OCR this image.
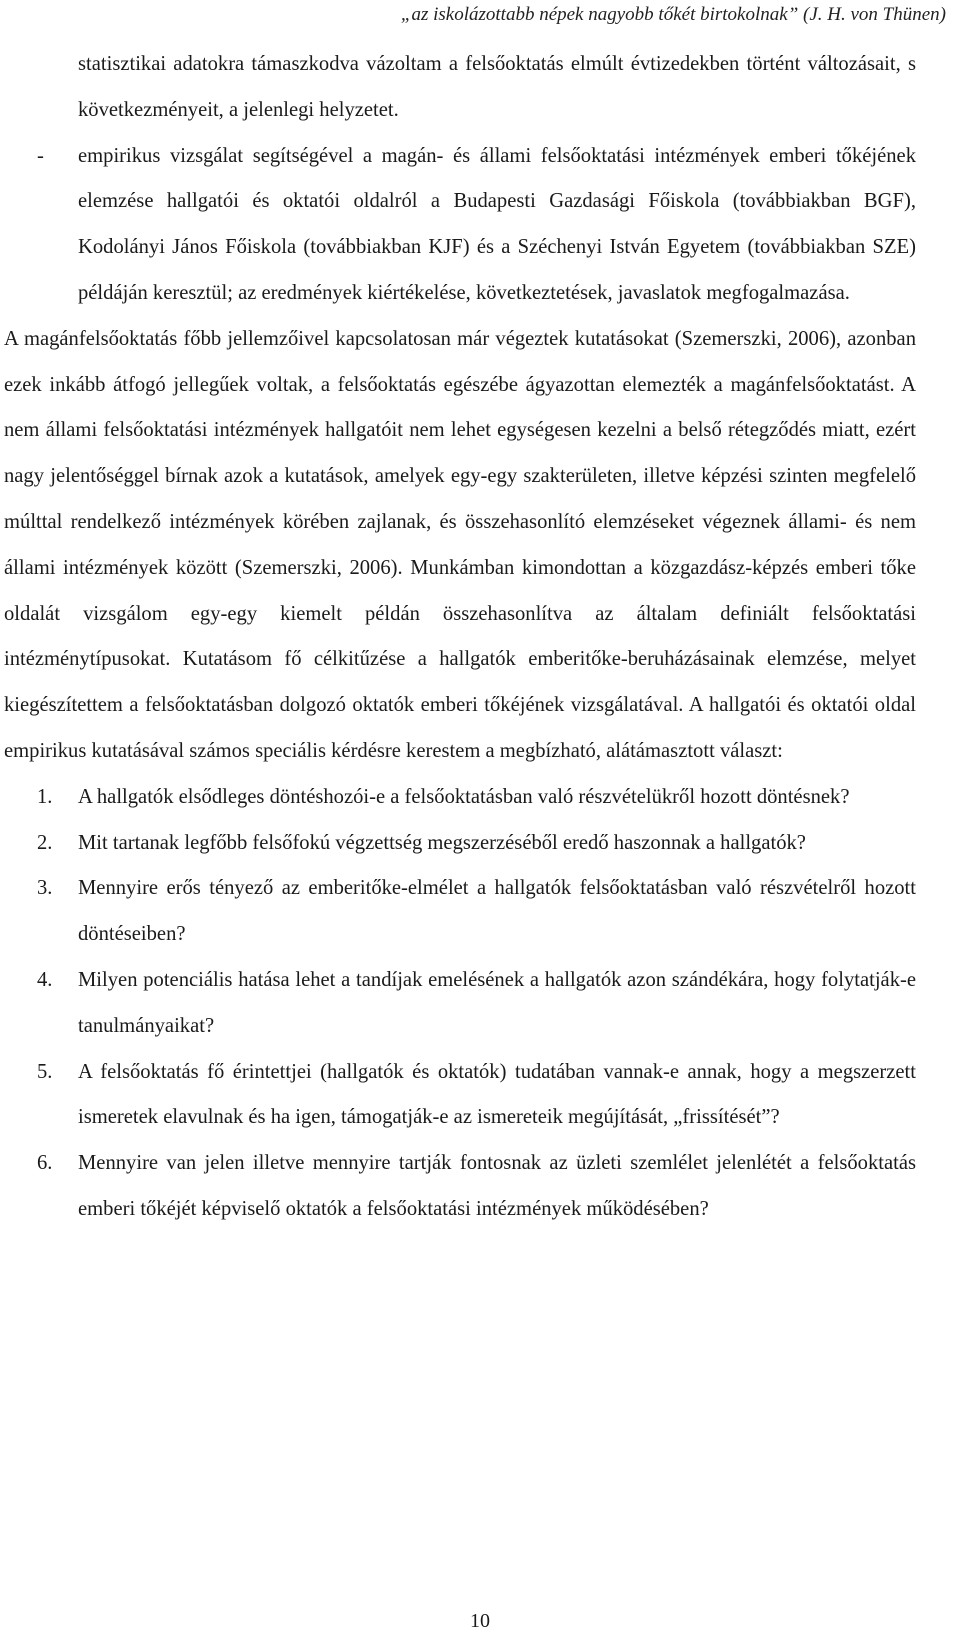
„az iskolázottabb népek nagyobb tőkét birtokolnak” (J. H. von Thünen)

statisztikai adatokra támaszkodva vázoltam a felsőoktatás elmúlt évtizedekben történt változásait, s következményeit, a jelenlegi helyzetet.

- empirikus vizsgálat segítségével a magán- és állami felsőoktatási intézmények emberi tőkéjének elemzése hallgatói és oktatói oldalról a Budapesti Gazdasági Főiskola (továbbiakban BGF), Kodolányi János Főiskola (továbbiakban KJF) és a Széchenyi István Egyetem (továbbiakban SZE) példáján keresztül; az eredmények kiértékelése, következtetések, javaslatok megfogalmazása.

A magánfelsőoktatás főbb jellemzőivel kapcsolatosan már végeztek kutatásokat (Szemerszki, 2006), azonban ezek inkább átfogó jellegűek voltak, a felsőoktatás egészébe ágyazottan elemezték a magánfelsőoktatást. A nem állami felsőoktatási intézmények hallgatóit nem lehet egységesen kezelni a belső rétegződés miatt, ezért nagy jelentőséggel bírnak azok a kutatások, amelyek egy-egy szakterületen, illetve képzési szinten megfelelő múlttal rendelkező intézmények körében zajlanak, és összehasonlító elemzéseket végeznek állami- és nem állami intézmények között (Szemerszki, 2006). Munkámban kimondottan a közgazdász-képzés emberi tőke oldalát vizsgálom egy-egy kiemelt példán összehasonlítva az általam definiált felsőoktatási intézménytípusokat. Kutatásom fő célkitűzése a hallgatók emberitőke-beruházásainak elemzése, melyet kiegészítettem a felsőoktatásban dolgozó oktatók emberi tőkéjének vizsgálatával. A hallgatói és oktatói oldal empirikus kutatásával számos speciális kérdésre kerestem a megbízható, alátámasztott választ:

1. A hallgatók elsődleges döntéshozói-e a felsőoktatásban való részvételükről hozott döntésnek?
2. Mit tartanak legfőbb felsőfokú végzettség megszerzéséből eredő haszonnak a hallgatók?
3. Mennyire erős tényező az emberitőke-elmélet a hallgatók felsőoktatásban való részvételről hozott döntéseiben?
4. Milyen potenciális hatása lehet a tandíjak emelésének a hallgatók azon szándékára, hogy folytatják-e tanulmányaikat?
5. A felsőoktatás fő érintettjei (hallgatók és oktatók) tudatában vannak-e annak, hogy a megszerzett ismeretek elavulnak és ha igen, támogatják-e az ismereteik megújítását, „frissítését”?
6. Mennyire van jelen illetve mennyire tartják fontosnak az üzleti szemlélet jelenlétét a felsőoktatás emberi tőkéjét képviselő oktatók a felsőoktatási intézmények működésében?
10
